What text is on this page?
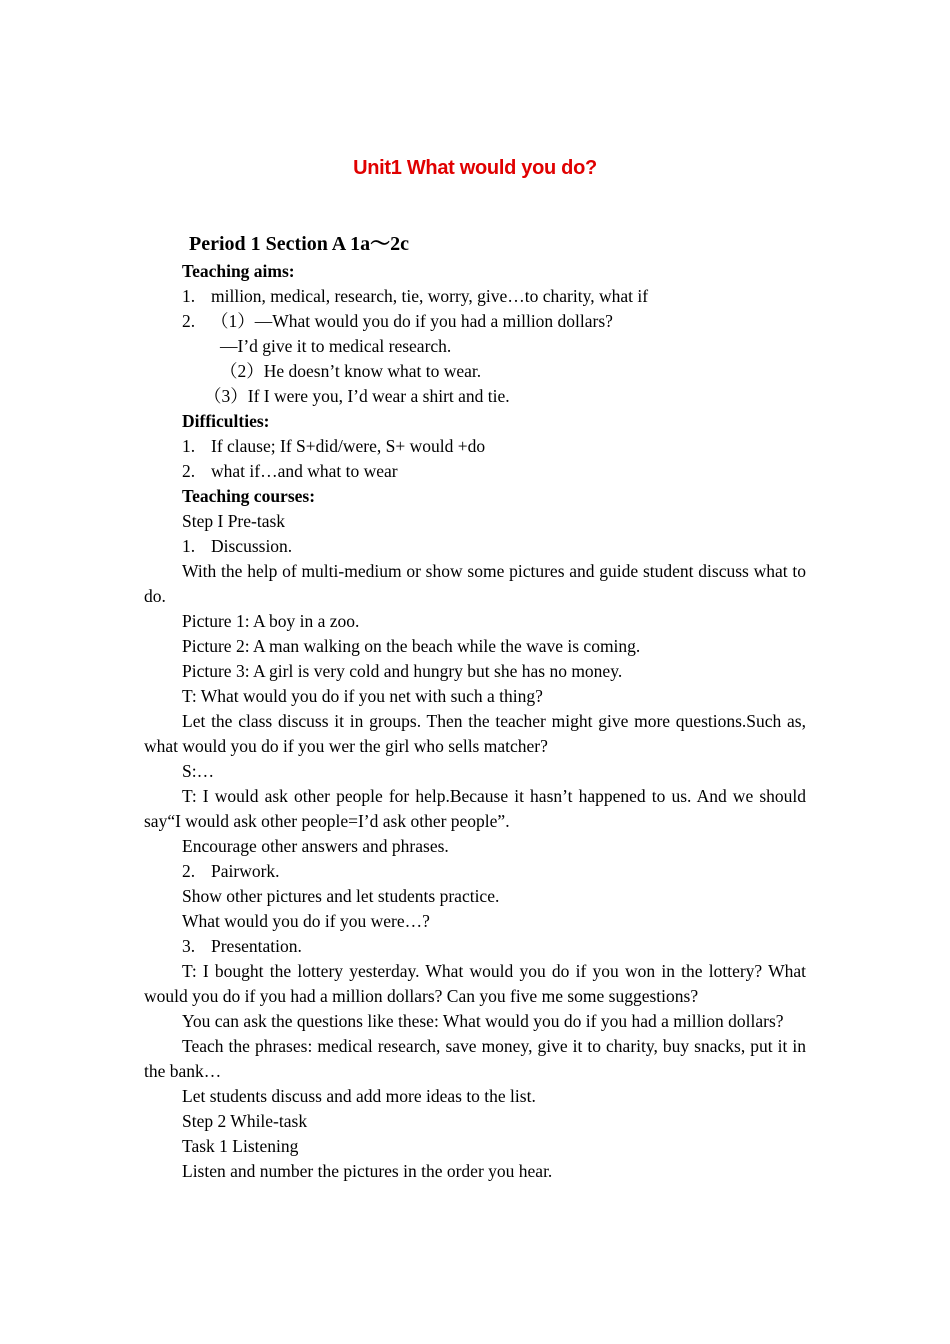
Unit1 What would you do?
Period 1 Section A 1a～2c
Teaching aims:
1. million, medical, research, tie, worry, give…to charity, what if
2. （1）—What would you do if you had a million dollars?
—I’d give it to medical research.
（2）He doesn’t know what to wear.
（3）If I were you, I’d wear a shirt and tie.
Difficulties:
1. If clause; If S+did/were, S+ would +do
2. what if…and what to wear
Teaching courses:
Step I Pre-task
1. Discussion.
With the help of multi-medium or show some pictures and guide student discuss what to do.
Picture 1: A boy in a zoo.
Picture 2: A man walking on the beach while the wave is coming.
Picture 3: A girl is very cold and hungry but she has no money.
T: What would you do if you net with such a thing?
Let the class discuss it in groups. Then the teacher might give more questions.Such as, what would you do if you wer the girl who sells matcher?
S:…
T: I would ask other people for help.Because it hasn’t happened to us. And we should say“I would ask other people=I’d ask other people”.
Encourage other answers and phrases.
2. Pairwork.
Show other pictures and let students practice.
What would you do if you were…?
3. Presentation.
T: I bought the lottery yesterday. What would you do if you won in the lottery? What would you do if you had a million dollars? Can you five me some suggestions?
You can ask the questions like these: What would you do if you had a million dollars?
Teach the phrases: medical research, save money, give it to charity, buy snacks, put it in the bank…
Let students discuss and add more ideas to the list.
Step 2 While-task
Task 1 Listening
Listen and number the pictures in the order you hear.
